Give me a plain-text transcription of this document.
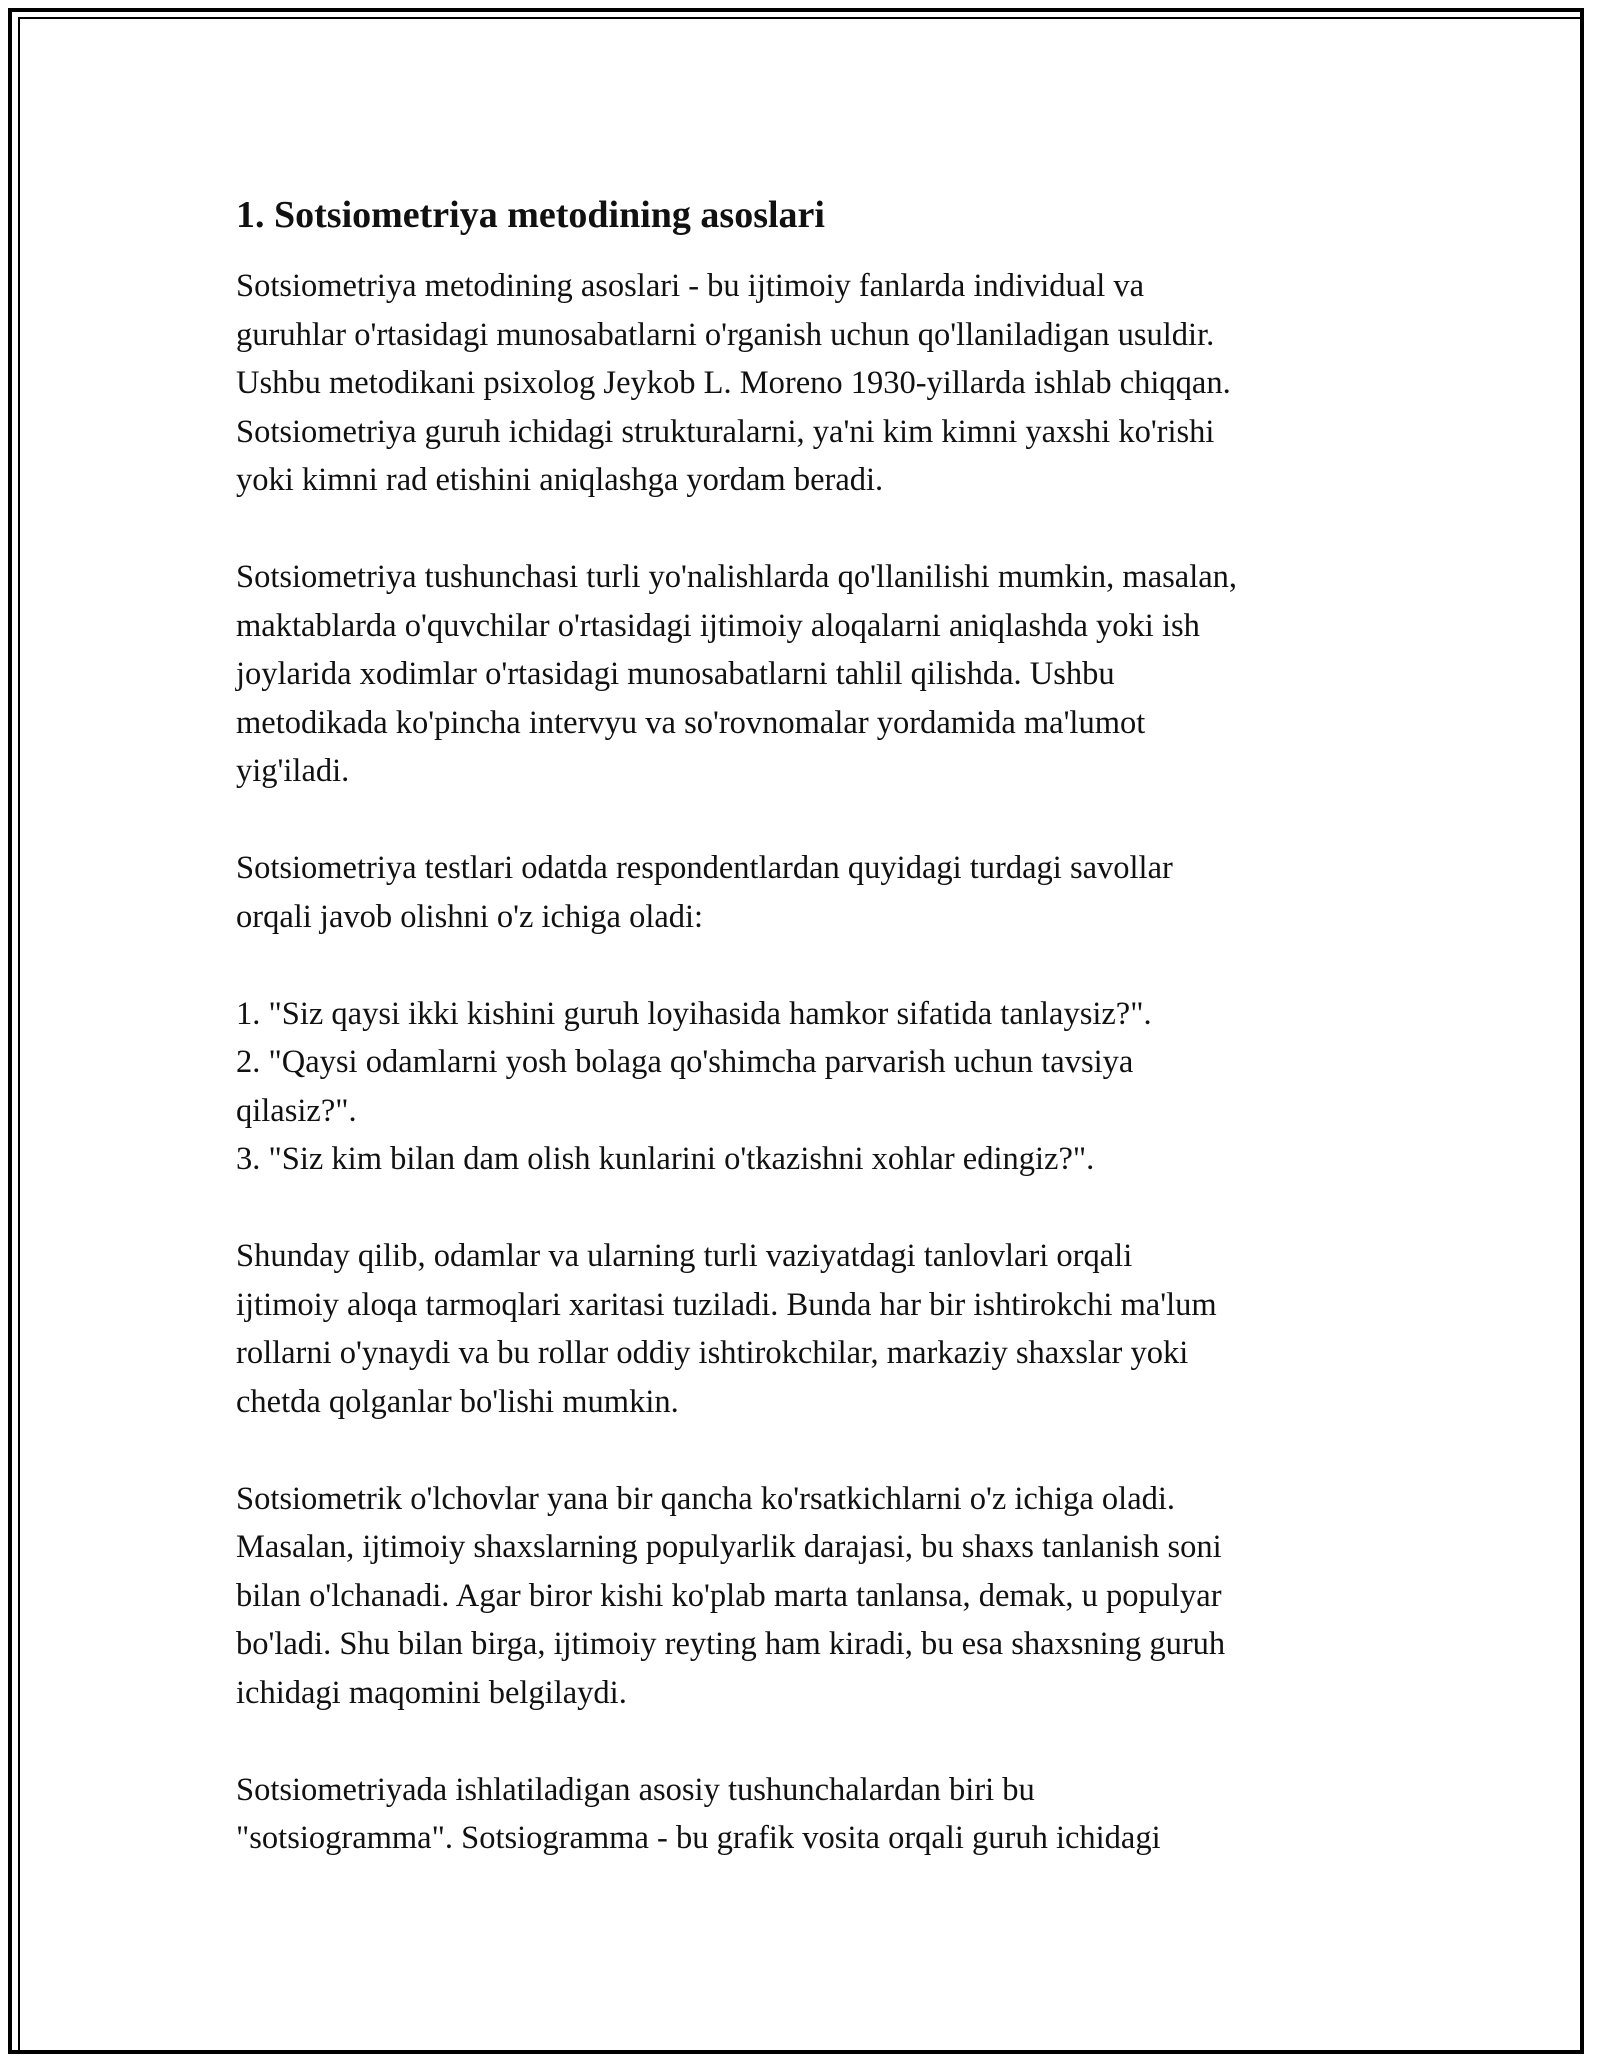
1. Sotsiometriya metodining asoslari

Sotsiometriya metodining asoslari - bu ijtimoiy fanlarda individual va
guruhlar o'rtasidagi munosabatlarni o'rganish uchun qo'llaniladigan usuldir.
Ushbu metodikani psixolog Jeykob L. Moreno 1930-yillarda ishlab chiqqan.
Sotsiometriya guruh ichidagi strukturalarni, ya'ni kim kimni yaxshi ko'rishi
yoki kimni rad etishini aniqlashga yordam beradi.

Sotsiometriya tushunchasi turli yo'nalishlarda qo'llanilishi mumkin, masalan,
maktablarda o'quvchilar o'rtasidagi ijtimoiy aloqalarni aniqlashda yoki ish
joylarida xodimlar o'rtasidagi munosabatlarni tahlil qilishda. Ushbu
metodikada ko'pincha intervyu va so'rovnomalar yordamida ma'lumot
yig'iladi.

Sotsiometriya testlari odatda respondentlardan quyidagi turdagi savollar
orqali javob olishni o'z ichiga oladi:

1. "Siz qaysi ikki kishini guruh loyihasida hamkor sifatida tanlaysiz?".
2. "Qaysi odamlarni yosh bolaga qo'shimcha parvarish uchun tavsiya
qilasiz?".
3. "Siz kim bilan dam olish kunlarini o'tkazishni xohlar edingiz?".

Shunday qilib, odamlar va ularning turli vaziyatdagi tanlovlari orqali
ijtimoiy aloqa tarmoqlari xaritasi tuziladi. Bunda har bir ishtirokchi ma'lum
rollarni o'ynaydi va bu rollar oddiy ishtirokchilar, markaziy shaxslar yoki
chetda qolganlar bo'lishi mumkin.

Sotsiometrik o'lchovlar yana bir qancha ko'rsatkichlarni o'z ichiga oladi.
Masalan, ijtimoiy shaxslarning populyarlik darajasi, bu shaxs tanlanish soni
bilan o'lchanadi. Agar biror kishi ko'plab marta tanlansa, demak, u populyar
bo'ladi. Shu bilan birga, ijtimoiy reyting ham kiradi, bu esa shaxsning guruh
ichidagi maqomini belgilaydi.

Sotsiometriyada ishlatiladigan asosiy tushunchalardan biri bu
"sotsiogramma". Sotsiogramma - bu grafik vosita orqali guruh ichidagi
